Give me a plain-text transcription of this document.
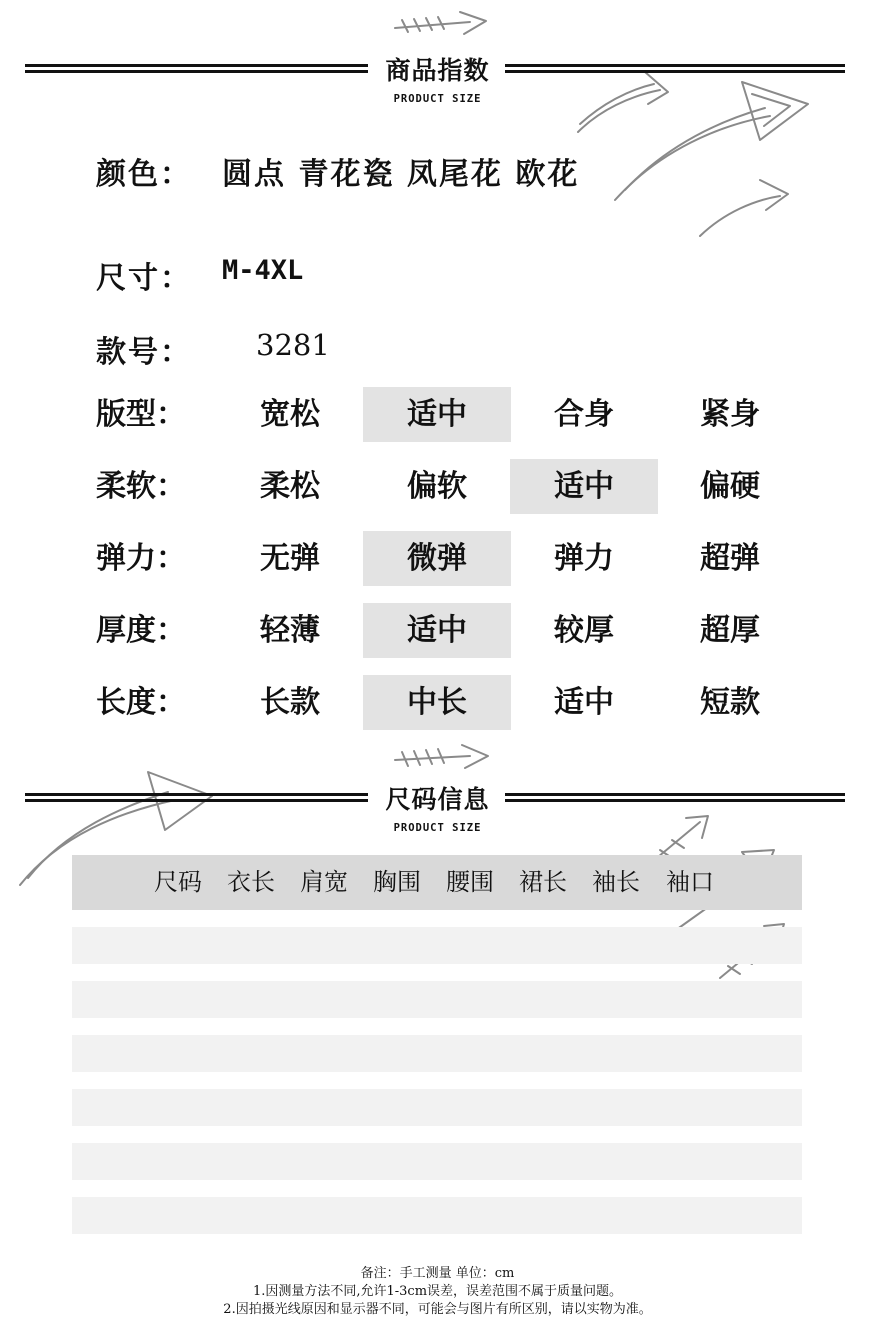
商品指数
PRODUCT SIZE
颜色： 圆点 青花瓷 凤尾花 欧花
尺寸： M-4XL
款号： 3281
版型：	宽松	适中	合身	紧身
柔软：	柔松	偏软	适中	偏硬
弹力：	无弹	微弹	弹力	超弹
厚度：	轻薄	适中	较厚	超厚
长度：	长款	中长	适中	短款
尺码信息
PRODUCT SIZE
尺码 衣长 肩宽 胸围 腰围 裙长 袖长 袖口
备注：手工测量 单位：cm
1.因测量方法不同,允许1-3cm误差，误差范围不属于质量问题。
2.因拍摄光线原因和显示器不同，可能会与图片有所区别，请以实物为准。
